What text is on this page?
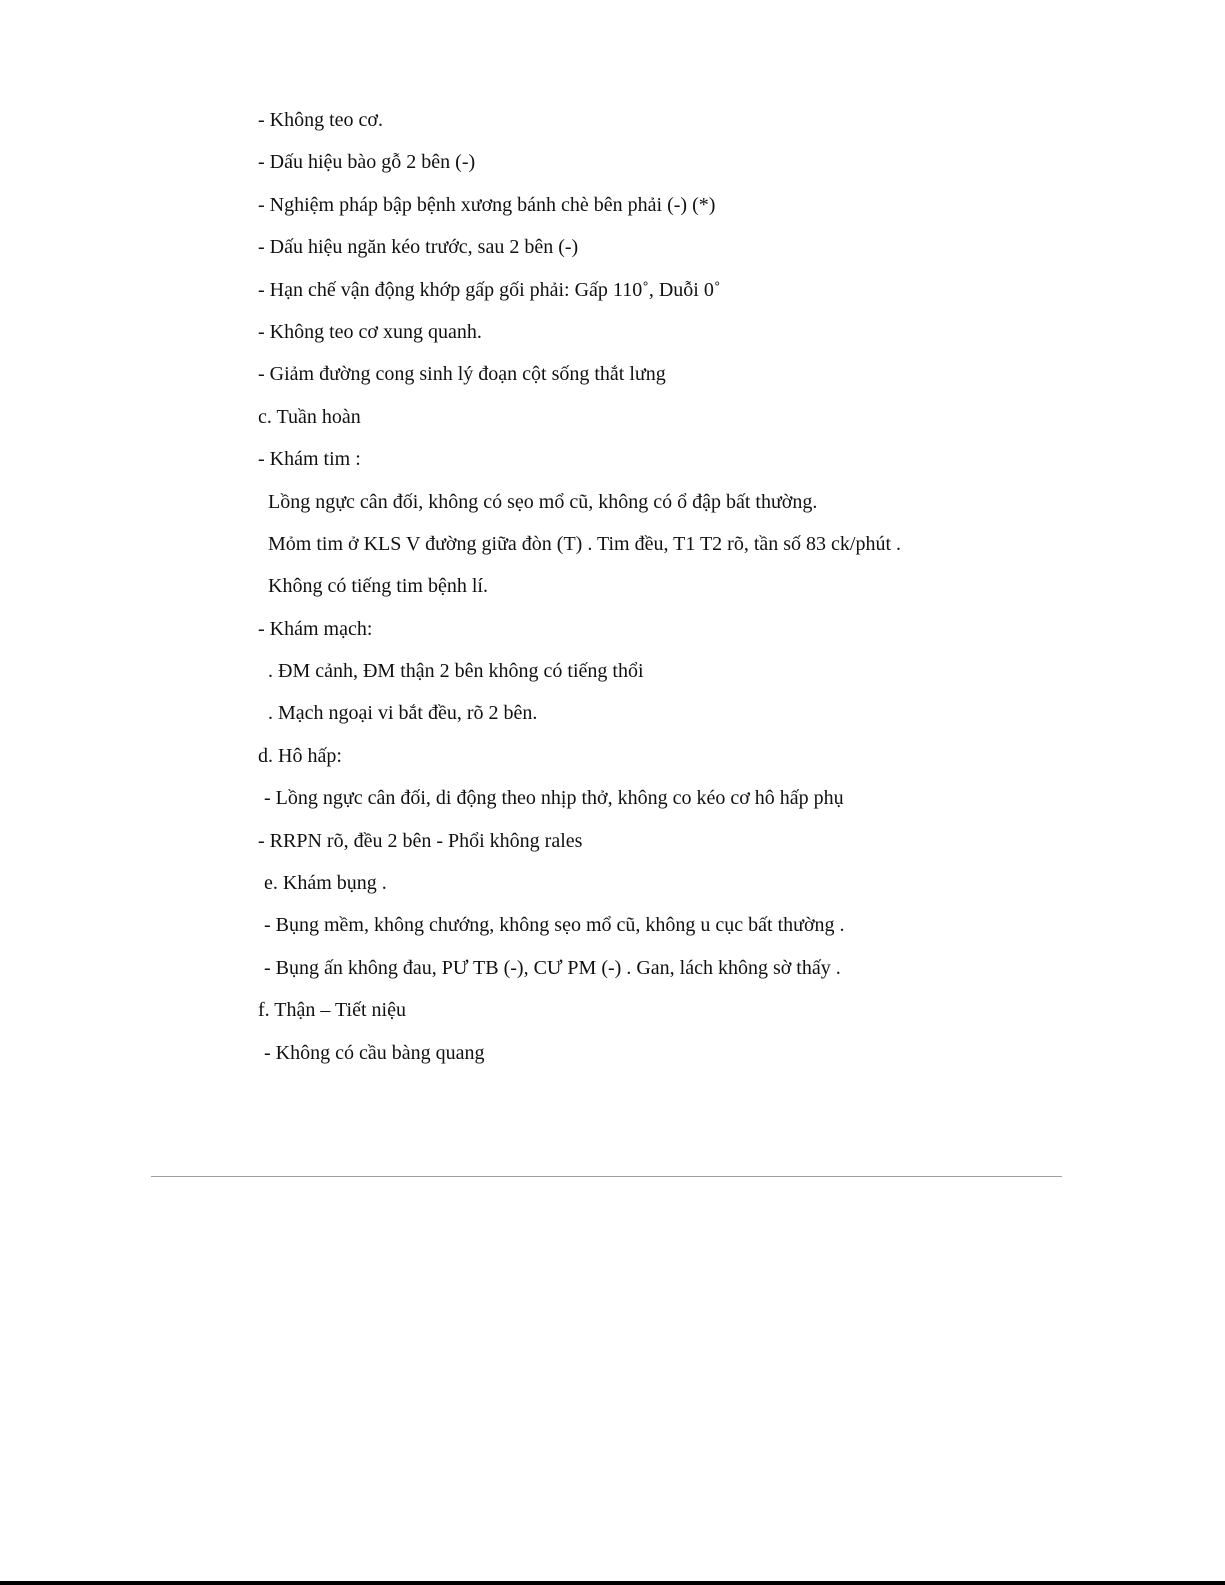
- Không teo cơ.
- Dấu hiệu bào gỗ 2 bên (-)
- Nghiệm pháp bập bệnh xương bánh chè bên phải (-) (*)
- Dấu hiệu ngăn kéo trước, sau 2 bên (-)
- Hạn chế vận động khớp gấp gối phải: Gấp 110˚, Duỗi 0˚
- Không teo cơ xung quanh.
- Giảm đường cong sinh lý đoạn cột sống thắt lưng
c. Tuần hoàn
- Khám tim :
Lồng ngực cân đối, không có sẹo mổ cũ, không có ổ đập bất thường.
Mỏm tim ở KLS V đường giữa đòn (T) . Tim đều, T1 T2 rõ, tần số 83 ck/phút .
Không có tiếng tim bệnh lí.
- Khám mạch:
. ĐM cảnh, ĐM thận 2 bên không có tiếng thổi
. Mạch ngoại vi bắt đều, rõ 2 bên.
d. Hô hấp:
- Lồng ngực cân đối, di động theo nhịp thở, không co kéo cơ hô hấp phụ
- RRPN rõ, đều 2 bên - Phổi không rales
e. Khám bụng .
- Bụng mềm, không chướng, không sẹo mổ cũ, không u cục bất thường .
- Bụng ấn không đau, PƯ TB (-), CƯ PM (-) . Gan, lách không sờ thấy .
f. Thận – Tiết niệu
- Không có cầu bàng quang
